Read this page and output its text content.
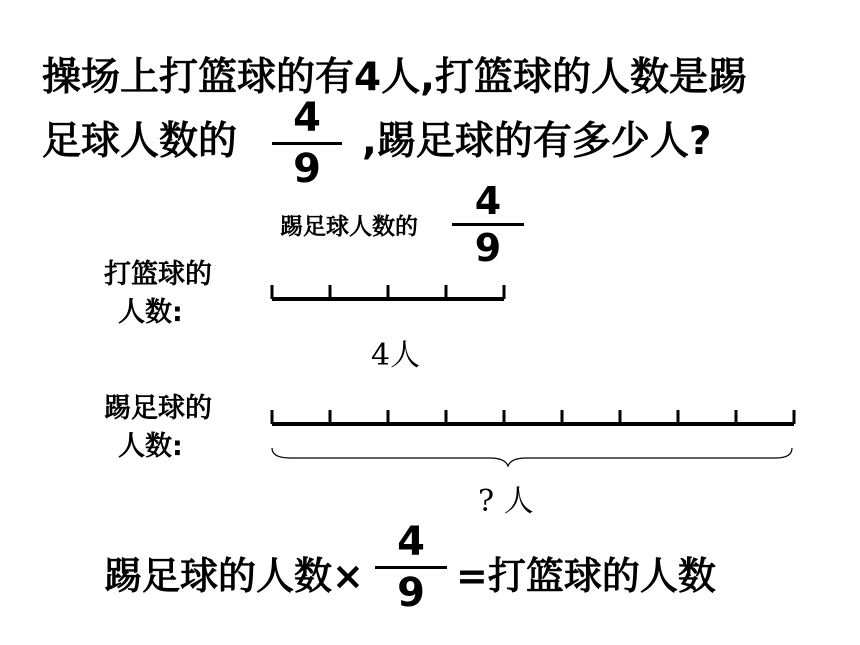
操场上打篮球的有4人,打篮球的人数是踢
足球人数的
4
9
,踢足球的有多少人?
踢足球人数的
4
9
打篮球的
人数:
踢足球的
人数:
4人
? 人
踢足球的人数×
4
9 =打篮球的人数
